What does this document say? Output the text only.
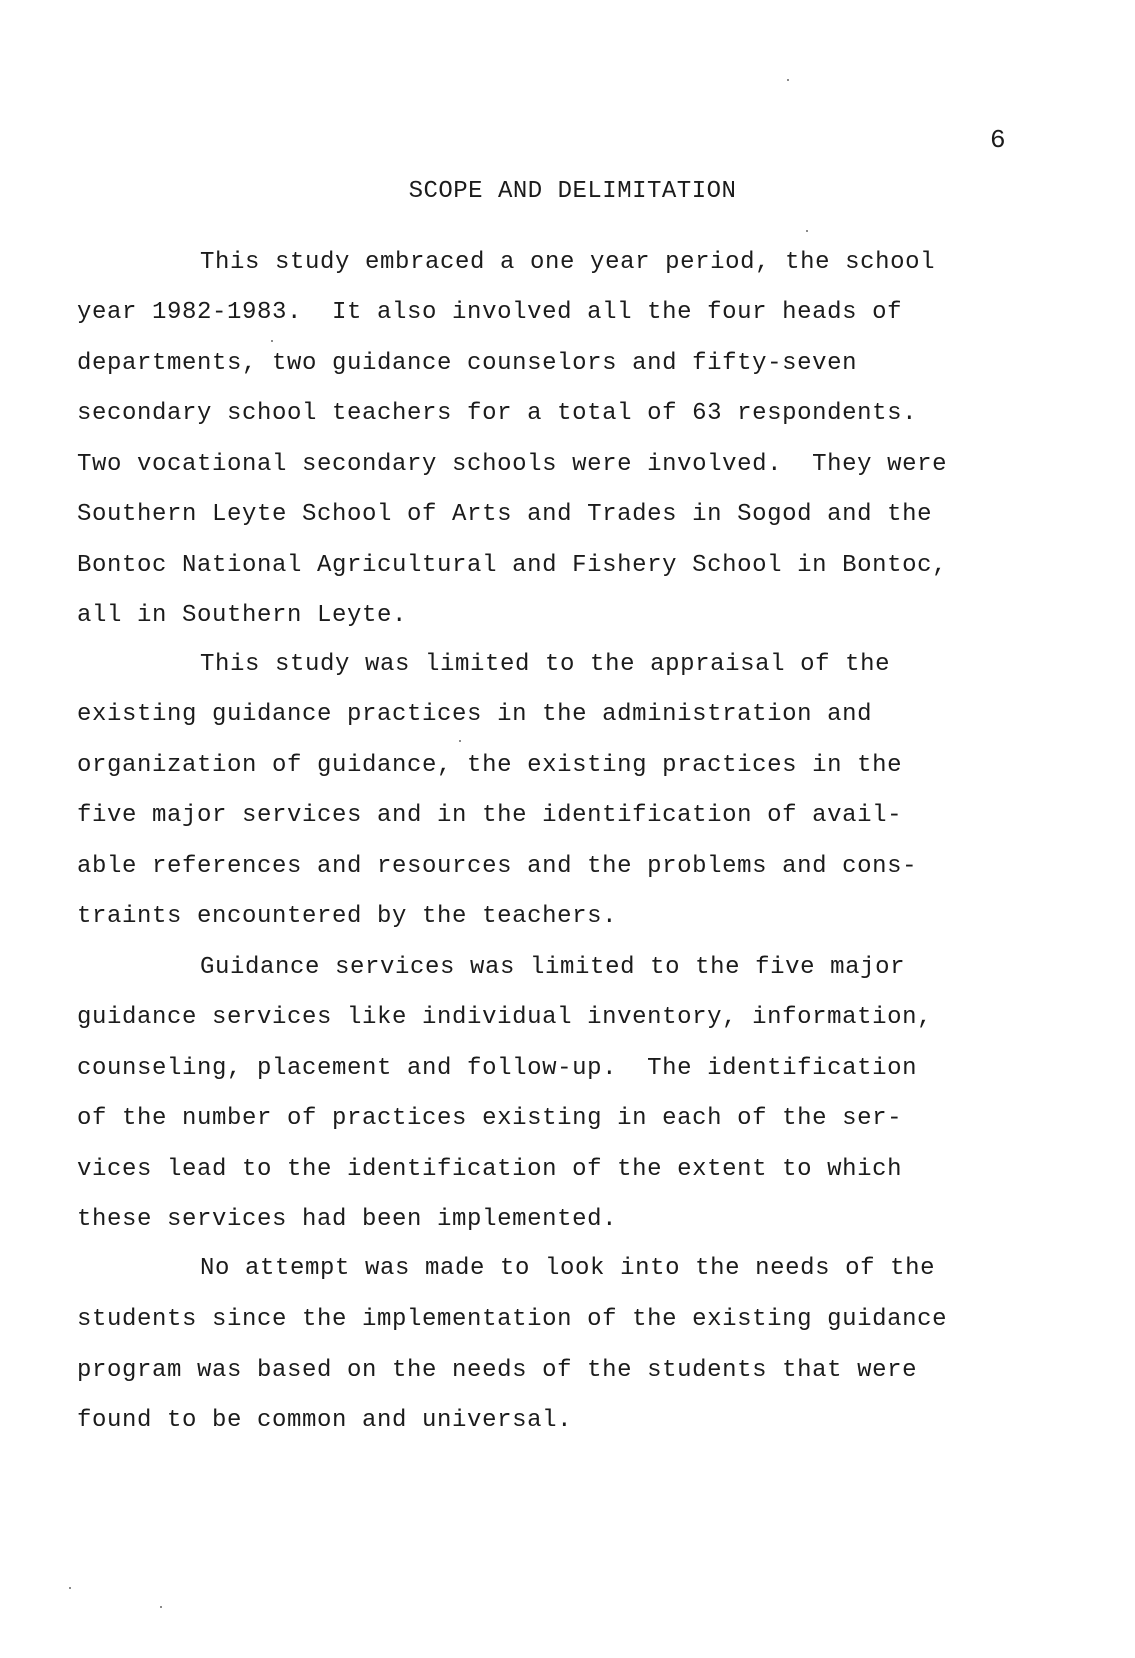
6
SCOPE AND DELIMITATION
This study embraced a one year period, the school
year 1982-1983.  It also involved all the four heads of
departments, two guidance counselors and fifty-seven
secondary school teachers for a total of 63 respondents.
Two vocational secondary schools were involved.  They were
Southern Leyte School of Arts and Trades in Sogod and the
Bontoc National Agricultural and Fishery School in Bontoc,
all in Southern Leyte.
This study was limited to the appraisal of the
existing guidance practices in the administration and
organization of guidance, the existing practices in the
five major services and in the identification of avail-
able references and resources and the problems and cons-
traints encountered by the teachers.
Guidance services was limited to the five major
guidance services like individual inventory, information,
counseling, placement and follow-up.  The identification
of the number of practices existing in each of the ser-
vices lead to the identification of the extent to which
these services had been implemented.
No attempt was made to look into the needs of the
students since the implementation of the existing guidance
program was based on the needs of the students that were
found to be common and universal.
